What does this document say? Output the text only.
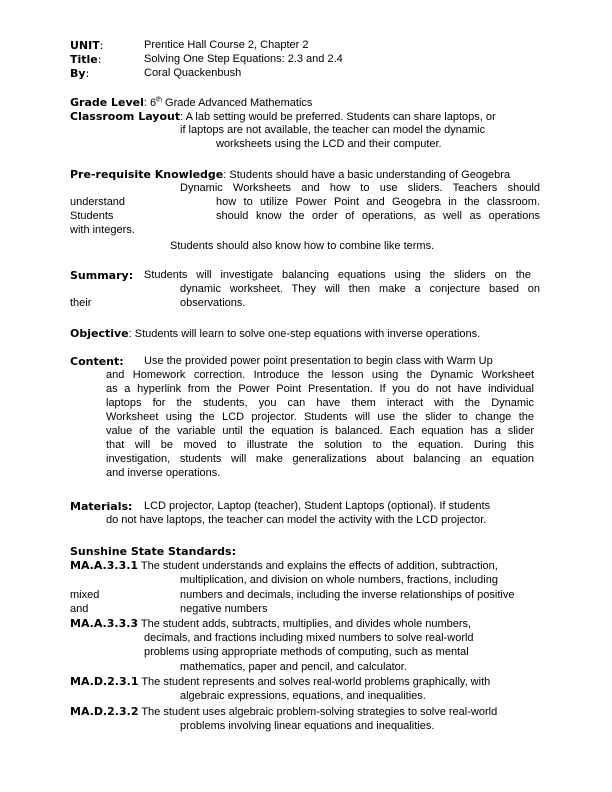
UNIT:	Prentice Hall Course 2, Chapter 2
Title:	Solving One Step Equations: 2.3 and 2.4
By:	Coral Quackenbush
Grade Level: 6th Grade Advanced Mathematics
Classroom Layout: A lab setting would be preferred. Students can share laptops, or
if laptops are not available, the teacher can model the dynamic
worksheets using the LCD and their computer.
Pre-requisite Knowledge: Students should have a basic understanding of Geogebra
Dynamic Worksheets and how to use sliders. Teachers should
understand	how to utilize Power Point and Geogebra in the classroom.
Students	should know the order of operations, as well as operations
with integers.
Students should also know how to combine like terms.
Summary: Students will investigate balancing equations using the sliders on the
dynamic worksheet. They will then make a conjecture based on
their	observations.
Objective: Students will learn to solve one-step equations with inverse operations.
Content: Use the provided power point presentation to begin class with Warm Up
and Homework correction. Introduce the lesson using the Dynamic Worksheet
as a hyperlink from the Power Point Presentation. If you do not have individual
laptops for the students, you can have them interact with the Dynamic
Worksheet using the LCD projector. Students will use the slider to change the
value of the variable until the equation is balanced. Each equation has a slider
that will be moved to illustrate the solution to the equation. During this
investigation, students will make generalizations about balancing an equation
and inverse operations.
Materials: LCD projector, Laptop (teacher), Student Laptops (optional). If students
do not have laptops, the teacher can model the activity with the LCD projector.
Sunshine State Standards:
MA.A.3.3.1 The student understands and explains the effects of addition, subtraction,
multiplication, and division on whole numbers, fractions, including
mixed	numbers and decimals, including the inverse relationships of positive
and	negative numbers
MA.A.3.3.3 The student adds, subtracts, multiplies, and divides whole numbers,
decimals, and fractions including mixed numbers to solve real-world
problems using appropriate methods of computing, such as mental
mathematics, paper and pencil, and calculator.
MA.D.2.3.1 The student represents and solves real-world problems graphically, with
algebraic expressions, equations, and inequalities.
MA.D.2.3.2 The student uses algebraic problem-solving strategies to solve real-world
problems involving linear equations and inequalities.
